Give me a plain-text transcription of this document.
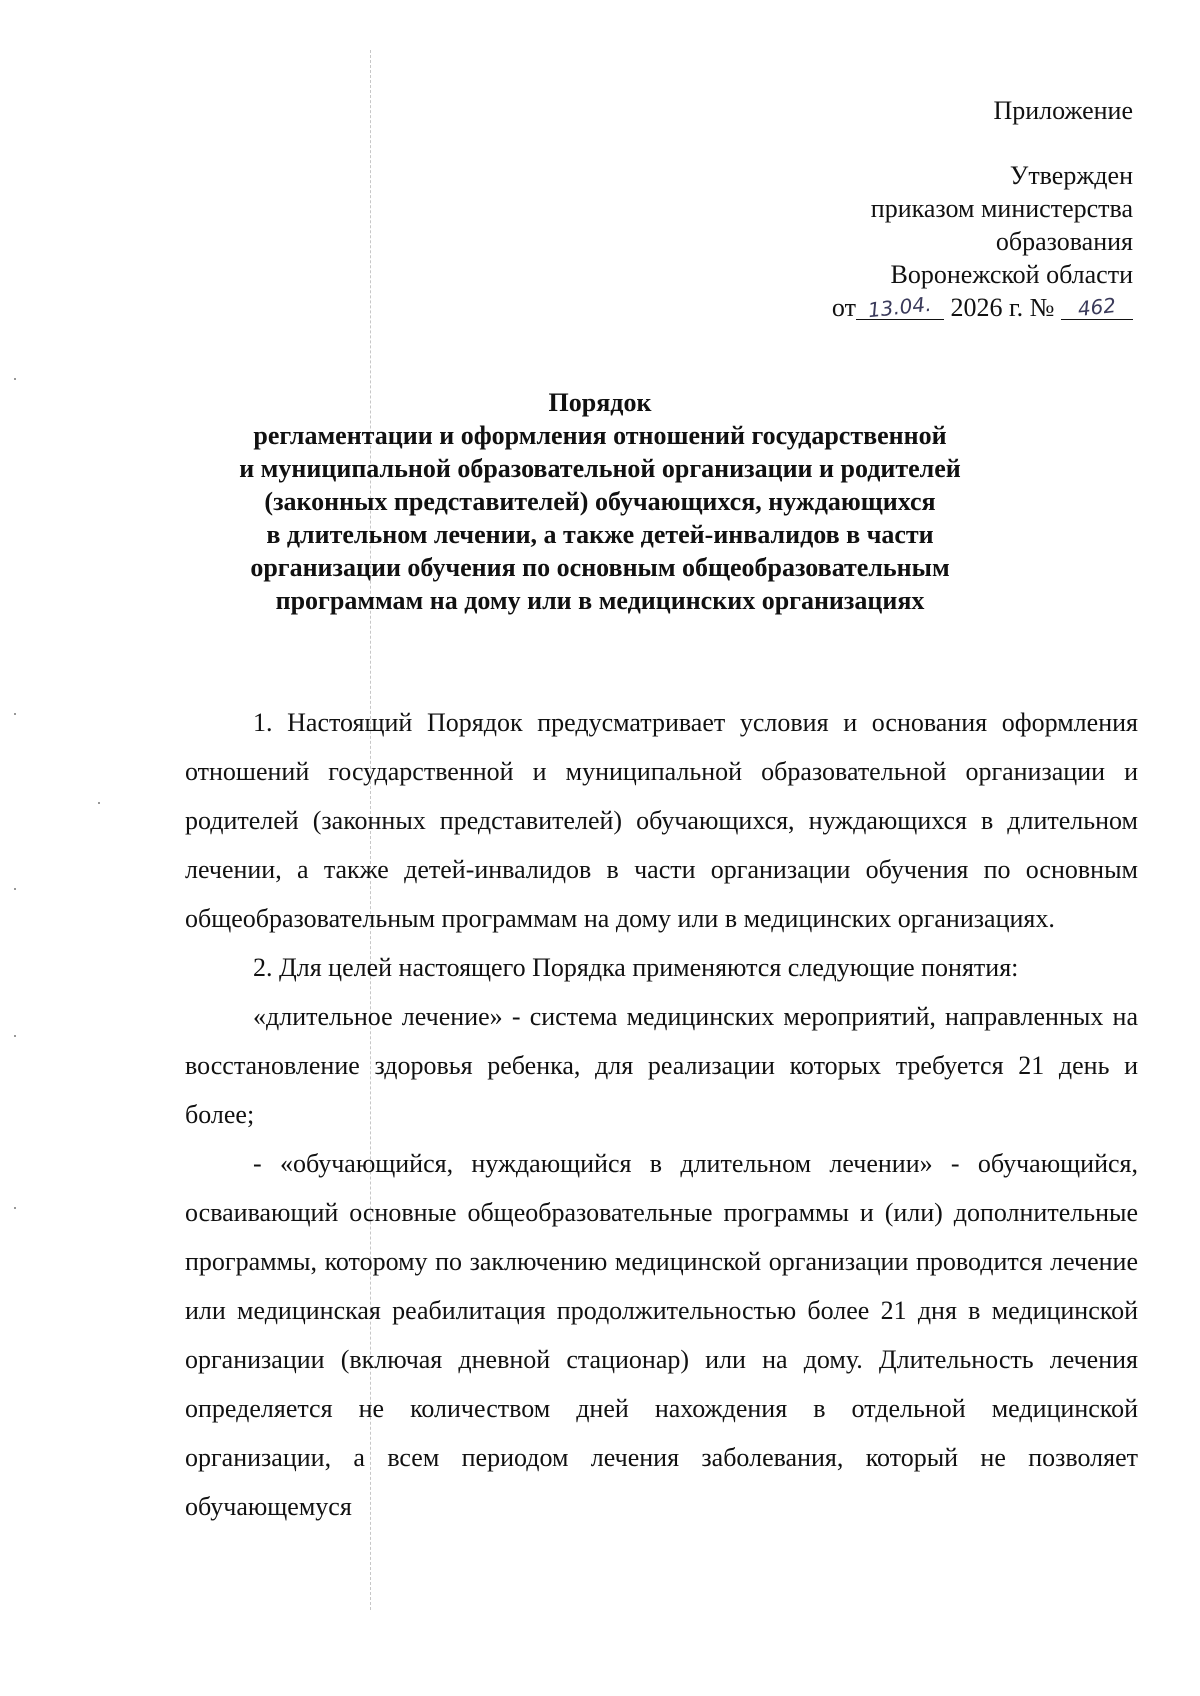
Приложение
Утвержден
приказом министерства
образования
Воронежской области
от 13.04. 2026 г. № 462
Порядок
регламентации и оформления отношений государственной
и муниципальной образовательной организации и родителей
(законных представителей) обучающихся, нуждающихся
в длительном лечении, а также детей-инвалидов в части
организации обучения по основным общеобразовательным
программам на дому или в медицинских организациях

1. Настоящий Порядок предусматривает условия и основания оформления отношений государственной и муниципальной образовательной организации и родителей (законных представителей) обучающихся, нуждающихся в длительном лечении, а также детей-инвалидов в части организации обучения по основным общеобразовательным программам на дому или в медицинских организациях.

2. Для целей настоящего Порядка применяются следующие понятия:

«длительное лечение» - система медицинских мероприятий, направленных на восстановление здоровья ребенка, для реализации которых требуется 21 день и более;

- «обучающийся, нуждающийся в длительном лечении» - обучающийся, осваивающий основные общеобразовательные программы и (или) дополнительные программы, которому по заключению медицинской организации проводится лечение или медицинская реабилитация продолжительностью более 21 дня в медицинской организации (включая дневной стационар) или на дому. Длительность лечения определяется не количеством дней нахождения в отдельной медицинской организации, а всем периодом лечения заболевания, который не позволяет обучающемуся
